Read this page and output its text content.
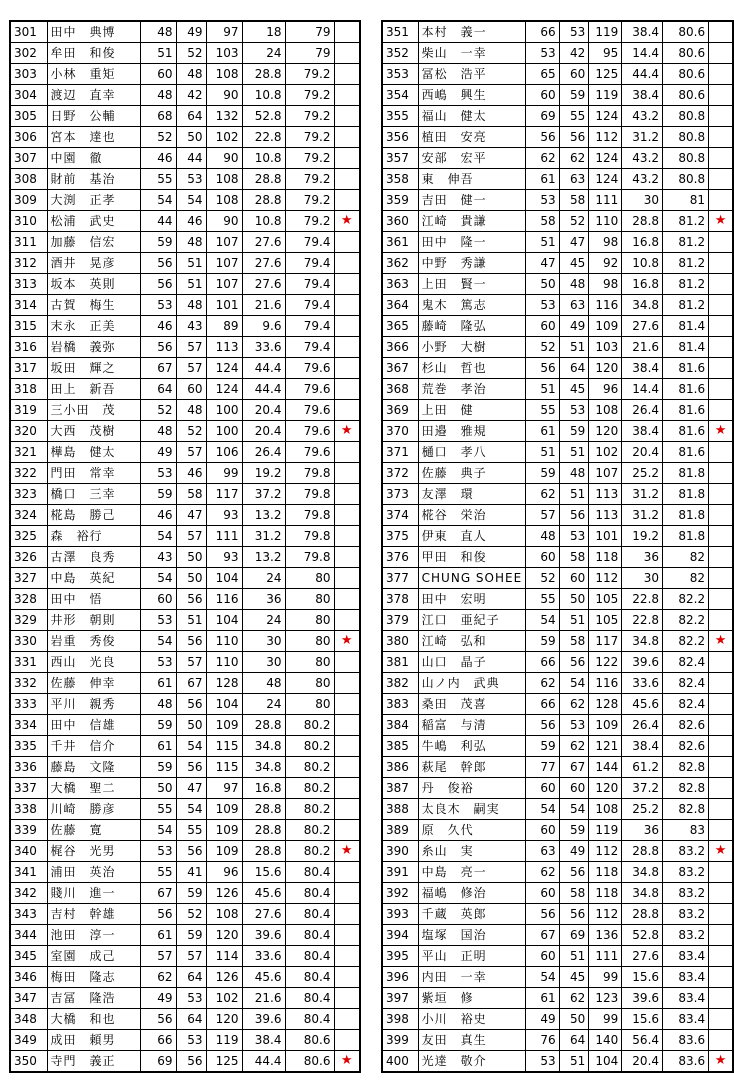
301	田中　典博	48	49	97	18	79	
302	牟田　和俊	51	52	103	24	79	
303	小林　重矩	60	48	108	28.8	79.2	
304	渡辺　直幸	48	42	90	10.8	79.2	
305	日野　公輔	68	64	132	52.8	79.2	
306	宮本　達也	52	50	102	22.8	79.2	
307	中園　徹	46	44	90	10.8	79.2	
308	財前　基治	55	53	108	28.8	79.2	
309	大渕　正孝	54	54	108	28.8	79.2	
310	松浦　武史	44	46	90	10.8	79.2	★
311	加藤　信宏	59	48	107	27.6	79.4	
312	酒井　晃彦	56	51	107	27.6	79.4	
313	坂本　英則	56	51	107	27.6	79.4	
314	古賀　梅生	53	48	101	21.6	79.4	
315	末永　正美	46	43	89	9.6	79.4	
316	岩橋　義弥	56	57	113	33.6	79.4	
317	坂田　輝之	67	57	124	44.4	79.6	
318	田上　新吾	64	60	124	44.4	79.6	
319	三小田　茂	52	48	100	20.4	79.6	
320	大西　茂樹	48	52	100	20.4	79.6	★
321	樺島　健太	49	57	106	26.4	79.6	
322	門田　常幸	53	46	99	19.2	79.8	
323	橋口　三幸	59	58	117	37.2	79.8	
324	椛島　勝己	46	47	93	13.2	79.8	
325	森　裕行	54	57	111	31.2	79.8	
326	古澤　良秀	43	50	93	13.2	79.8	
327	中島　英紀	54	50	104	24	80	
328	田中　悟	60	56	116	36	80	
329	井形　朝則	53	51	104	24	80	
330	岩重　秀俊	54	56	110	30	80	★
331	西山　光良	53	57	110	30	80	
332	佐藤　伸幸	61	67	128	48	80	
333	平川　親秀	48	56	104	24	80	
334	田中　信雄	59	50	109	28.8	80.2	
335	千井　信介	61	54	115	34.8	80.2	
336	藤島　文隆	59	56	115	34.8	80.2	
337	大橋　聖二	50	47	97	16.8	80.2	
338	川崎　勝彦	55	54	109	28.8	80.2	
339	佐藤　寛	54	55	109	28.8	80.2	
340	梶谷　光男	53	56	109	28.8	80.2	★
341	浦田　英治	55	41	96	15.6	80.4	
342	賤川　進一	67	59	126	45.6	80.4	
343	吉村　幹雄	56	52	108	27.6	80.4	
344	池田　淳一	61	59	120	39.6	80.4	
345	室園　成己	57	57	114	33.6	80.4	
346	梅田　隆志	62	64	126	45.6	80.4	
347	吉冨　隆浩	49	53	102	21.6	80.4	
348	大橋　和也	56	64	120	39.6	80.4	
349	成田　頼男	66	53	119	38.4	80.6	
350	寺門　義正	69	56	125	44.4	80.6	★
351	本村　義一	66	53	119	38.4	80.6	
352	柴山　一幸	53	42	95	14.4	80.6	
353	冨松　浩平	65	60	125	44.4	80.6	
354	西嶋　興生	60	59	119	38.4	80.6	
355	福山　健太	69	55	124	43.2	80.8	
356	植田　安亮	56	56	112	31.2	80.8	
357	安部　宏平	62	62	124	43.2	80.8	
358	東　伸吾	61	63	124	43.2	80.8	
359	吉田　健一	53	58	111	30	81	
360	江崎　貴謙	58	52	110	28.8	81.2	★
361	田中　隆一	51	47	98	16.8	81.2	
362	中野　秀謙	47	45	92	10.8	81.2	
363	上田　賢一	50	48	98	16.8	81.2	
364	鬼木　篤志	53	63	116	34.8	81.2	
365	藤崎　隆弘	60	49	109	27.6	81.4	
366	小野　大樹	52	51	103	21.6	81.4	
367	杉山　哲也	56	64	120	38.4	81.6	
368	荒巻　孝治	51	45	96	14.4	81.6	
369	上田　健	55	53	108	26.4	81.6	
370	田邉　雅規	61	59	120	38.4	81.6	★
371	樋口　孝八	51	51	102	20.4	81.6	
372	佐藤　典子	59	48	107	25.2	81.8	
373	友澤　環	62	51	113	31.2	81.8	
374	椛谷　栄治	57	56	113	31.2	81.8	
375	伊東　直人	48	53	101	19.2	81.8	
376	甲田　和俊	60	58	118	36	82	
377	CHUNG SOHEE	52	60	112	30	82	
378	田中　宏明	55	50	105	22.8	82.2	
379	江口　亜紀子	54	51	105	22.8	82.2	
380	江崎　弘和	59	58	117	34.8	82.2	★
381	山口　晶子	66	56	122	39.6	82.4	
382	山ノ内　武典	62	54	116	33.6	82.4	
383	桑田　茂喜	66	62	128	45.6	82.4	
384	稲富　与清	56	53	109	26.4	82.6	
385	牛嶋　利弘	59	62	121	38.4	82.6	
386	萩尾　幹郎	77	67	144	61.2	82.8	
387	丹　俊裕	60	60	120	37.2	82.8	
388	太良木　嗣実	54	54	108	25.2	82.8	
389	原　久代	60	59	119	36	83	
390	糸山　実	63	49	112	28.8	83.2	★
391	中島　亮一	62	56	118	34.8	83.2	
392	福嶋　修治	60	58	118	34.8	83.2	
393	千蔵　英郎	56	56	112	28.8	83.2	
394	塩塚　国治	67	69	136	52.8	83.2	
395	平山　正明	60	51	111	27.6	83.4	
396	内田　一幸	54	45	99	15.6	83.4	
397	紫垣　修	61	62	123	39.6	83.4	
398	小川　裕史	49	50	99	15.6	83.4	
399	友田　真生	76	64	140	56.4	83.6	
400	光達　敬介	53	51	104	20.4	83.6	★
